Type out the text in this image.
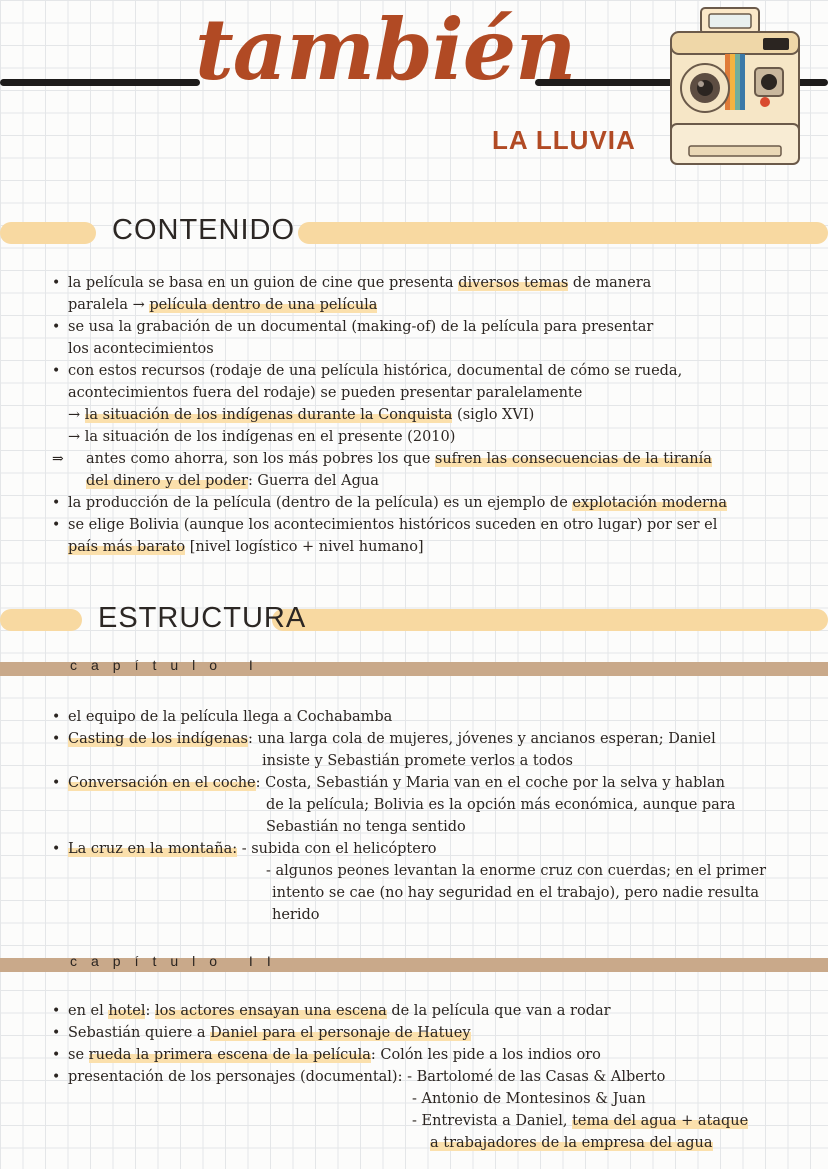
también
LA LLUVIA
CONTENIDO
• la película se basa en un guion de cine que presenta diversos temas de manera
paralela → película dentro de una película
• se usa la grabación de un documental (making-of) de la película para presentar
los acontecimientos
• con estos recursos (rodaje de una película histórica, documental de cómo se rueda,
acontecimientos fuera del rodaje) se pueden presentar paralelamente
→ la situación de los indígenas durante la Conquista (siglo XVI)
→ la situación de los indígenas en el presente (2010)
⇒ antes como ahorra, son los más pobres los que sufren las consecuencias de la tiranía
del dinero y del poder: Guerra del Agua
• la producción de la película (dentro de la película) es un ejemplo de explotación moderna
• se elige Bolivia (aunque los acontecimientos históricos suceden en otro lugar) por ser el
país más barato [nivel logístico + nivel humano]
ESTRUCTURA
capítulo I
• el equipo de la película llega a Cochabamba
• Casting de los indígenas: una larga cola de mujeres, jóvenes y ancianos esperan; Daniel
insiste y Sebastián promete verlos a todos
• Conversación en el coche: Costa, Sebastián y Maria van en el coche por la selva y hablan
de la película; Bolivia es la opción más económica, aunque para
Sebastián no tenga sentido
• La cruz en la montaña: - subida con el helicóptero
- algunos peones levantan la enorme cruz con cuerdas; en el primer
intento se cae (no hay seguridad en el trabajo), pero nadie resulta
herido
capítulo II
• en el hotel: los actores ensayan una escena de la película que van a rodar
• Sebastián quiere a Daniel para el personaje de Hatuey
• se rueda la primera escena de la película: Colón les pide a los indios oro
• presentación de los personajes (documental): - Bartolomé de las Casas & Alberto
- Antonio de Montesinos & Juan
- Entrevista a Daniel, tema del agua + ataque
a trabajadores de la empresa del agua
